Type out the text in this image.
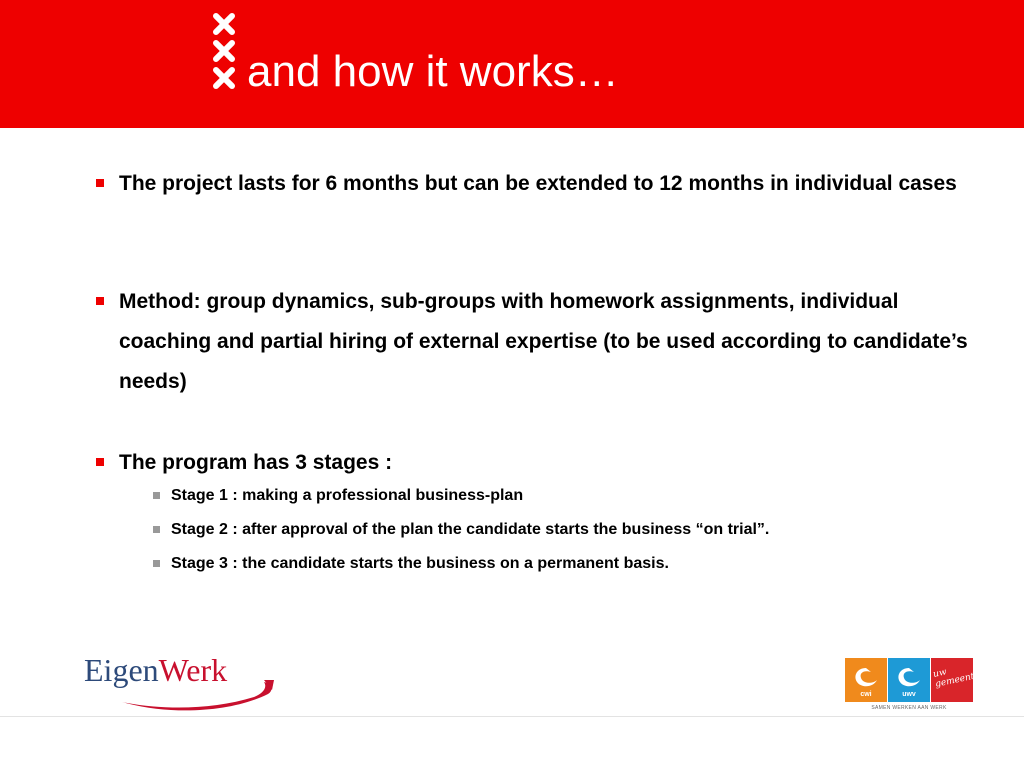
and how it works…
The project lasts for 6 months but can be extended to 12 months in individual cases
Method: group dynamics, sub-groups with homework assignments, individual coaching and partial hiring of external expertise (to be used according to candidate’s needs)
The program has 3 stages :
Stage 1 : making a professional business-plan
Stage 2 : after approval of the plan the candidate starts the business “on trial”.
Stage 3 : the candidate starts the business on a permanent basis.
EigenWerk
cwi	uwv
uw gemeente
SAMEN WERKEN AAN WERK
